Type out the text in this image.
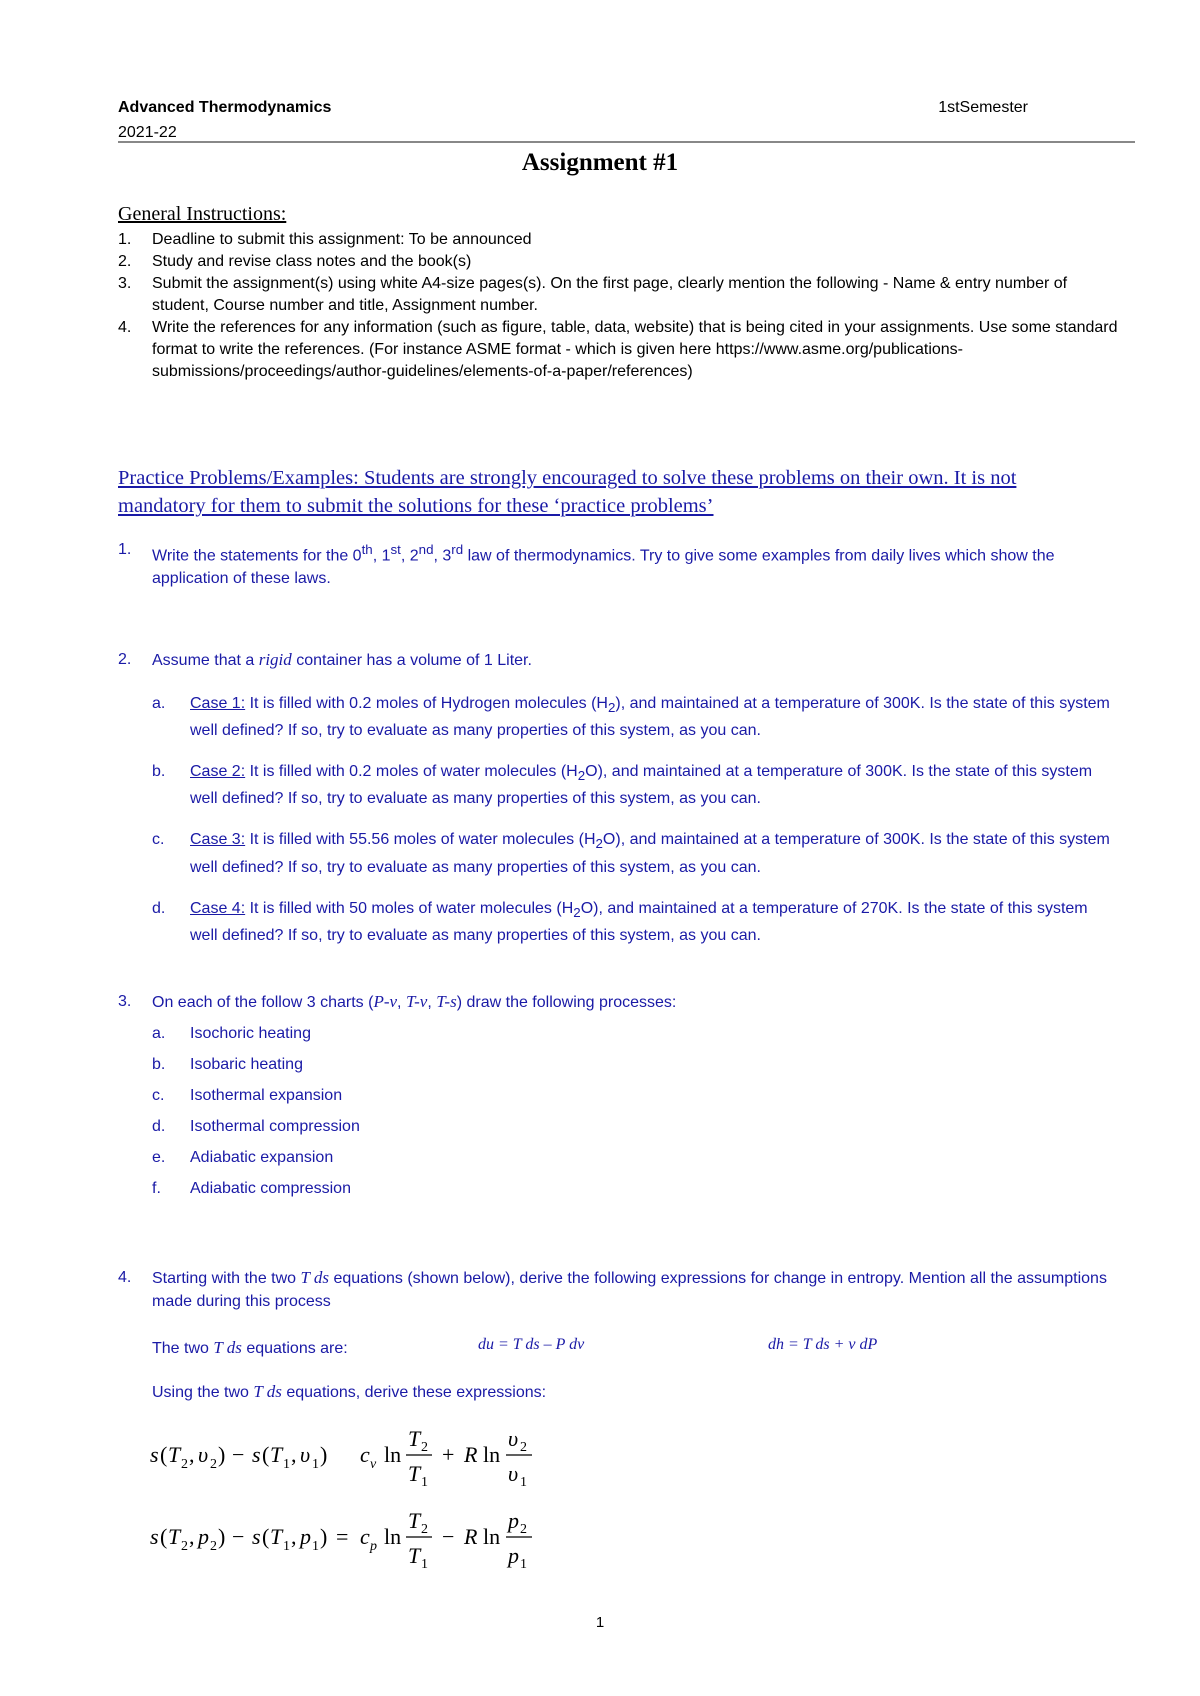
Advanced Thermodynamics	1stSemester
2021-22
Assignment #1
General Instructions:
1.	Deadline to submit this assignment: To be announced
2.	Study and revise class notes and the book(s)
3.	Submit the assignment(s) using white A4-size pages(s). On the first page, clearly mention the following - Name & entry number of student, Course number and title, Assignment number.
4.	Write the references for any information (such as figure, table, data, website) that is being cited in your assignments. Use some standard format to write the references. (For instance ASME format - which is given here https://www.asme.org/publications-submissions/proceedings/author-guidelines/elements-of-a-paper/references)
Practice Problems/Examples: Students are strongly encouraged to solve these problems on their own. It is not mandatory for them to submit the solutions for these ‘practice problems’
1.	Write the statements for the 0th, 1st, 2nd, 3rd law of thermodynamics. Try to give some examples from daily lives which show the application of these laws.
2.	Assume that a rigid container has a volume of 1 Liter.
a.	Case 1: It is filled with 0.2 moles of Hydrogen molecules $(H_2)$, and maintained at a temperature of 300K. Is the state of this system well defined? If so, try to evaluate as many properties of this system, as you can.
b.	Case 2: It is filled with 0.2 moles of water molecules $(H_2O)$, and maintained at a temperature of 300K. Is the state of this system well defined? If so, try to evaluate as many properties of this system, as you can.
c.	Case 3: It is filled with 55.56 moles of water molecules $(H_2O)$, and maintained at a temperature of 300K. Is the state of this system well defined? If so, try to evaluate as many properties of this system, as you can.
d.	Case 4: It is filled with 50 moles of water molecules $(H_2O)$, and maintained at a temperature of 270K. Is the state of this system well defined? If so, try to evaluate as many properties of this system, as you can.
3.	On each of the follow 3 charts (P-v, T-v, T-s) draw the following processes:
a.	Isochoric heating
b.	Isobaric heating
c.	Isothermal expansion
d.	Isothermal compression
e.	Adiabatic expansion
f.	Adiabatic compression
4.	Starting with the two T ds equations (shown below), derive the following expressions for change in entropy. Mention all the assumptions made during this process
The two T ds equations are:	du = T ds – P dv	dh = T ds + v dP
Using the two T ds equations, derive these expressions:
s ( T 2 , υ 2 ) − s ( T 1 , υ 1 ) c v ln
T 2
T 1
+ R ln
υ 2
υ 1
s ( T 2 , p 2 ) − s ( T 1 , p 1 ) = c p ln
T 2
T 1
− R ln
p 2
p 1
1
